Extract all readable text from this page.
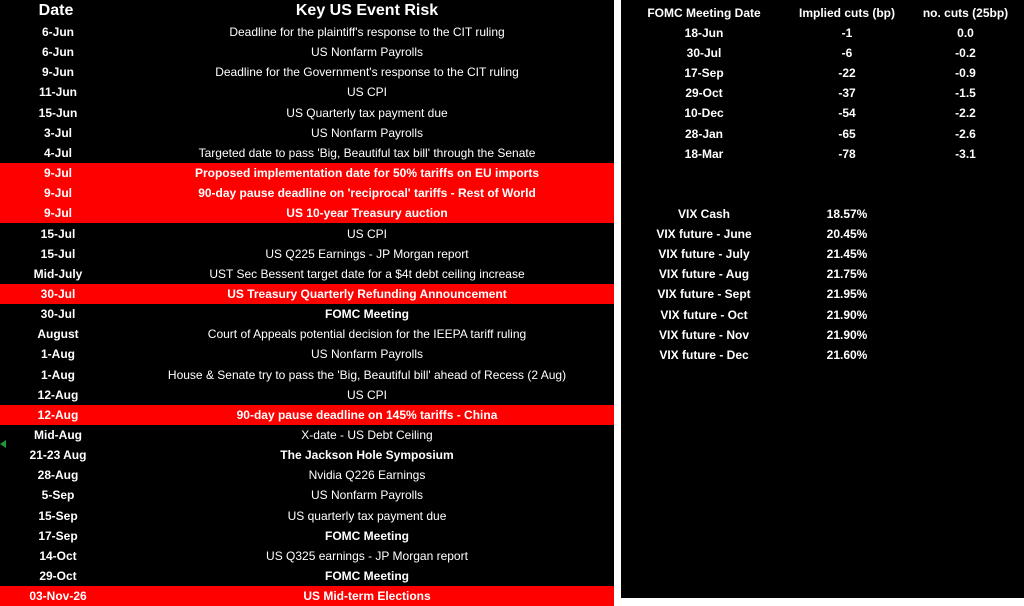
Date	Key US Event Risk
6-Jun	Deadline for the plaintiff's response to the CIT ruling
6-Jun	US Nonfarm Payrolls
9-Jun	Deadline for the Government's response to the CIT ruling
11-Jun	US CPI
15-Jun	US Quarterly tax payment due
3-Jul	US Nonfarm Payrolls
4-Jul	Targeted date to pass 'Big, Beautiful tax bill' through the Senate
9-Jul	Proposed implementation date for 50% tariffs on EU imports
9-Jul	90-day pause deadline on 'reciprocal' tariffs - Rest of World
9-Jul	US 10-year Treasury auction
15-Jul	US CPI
15-Jul	US Q225 Earnings - JP Morgan report
Mid-July	UST Sec Bessent target date for a $4t debt ceiling increase
30-Jul	US Treasury Quarterly Refunding Announcement
30-Jul	FOMC Meeting
August	Court of Appeals potential decision for the IEEPA tariff ruling
1-Aug	US Nonfarm Payrolls
1-Aug	House & Senate try to pass the 'Big, Beautiful bill' ahead of Recess (2 Aug)
12-Aug	US CPI
12-Aug	90-day pause deadline on 145% tariffs - China
Mid-Aug	X-date - US Debt Ceiling
21-23 Aug	The Jackson Hole Symposium
28-Aug	Nvidia Q226 Earnings
5-Sep	US Nonfarm Payrolls
15-Sep	US quarterly tax payment due
17-Sep	FOMC Meeting
14-Oct	US Q325 earnings - JP Morgan report
29-Oct	FOMC Meeting
03-Nov-26	US Mid-term Elections
FOMC Meeting Date	Implied cuts (bp)	no. cuts (25bp)
18-Jun	-1	0.0
30-Jul	-6	-0.2
17-Sep	-22	-0.9
29-Oct	-37	-1.5
10-Dec	-54	-2.2
28-Jan	-65	-2.6
18-Mar	-78	-3.1
VIX Cash	18.57%
VIX future - June	20.45%
VIX future - July	21.45%
VIX future - Aug	21.75%
VIX future - Sept	21.95%
VIX future - Oct	21.90%
VIX future - Nov	21.90%
VIX future - Dec	21.60%
